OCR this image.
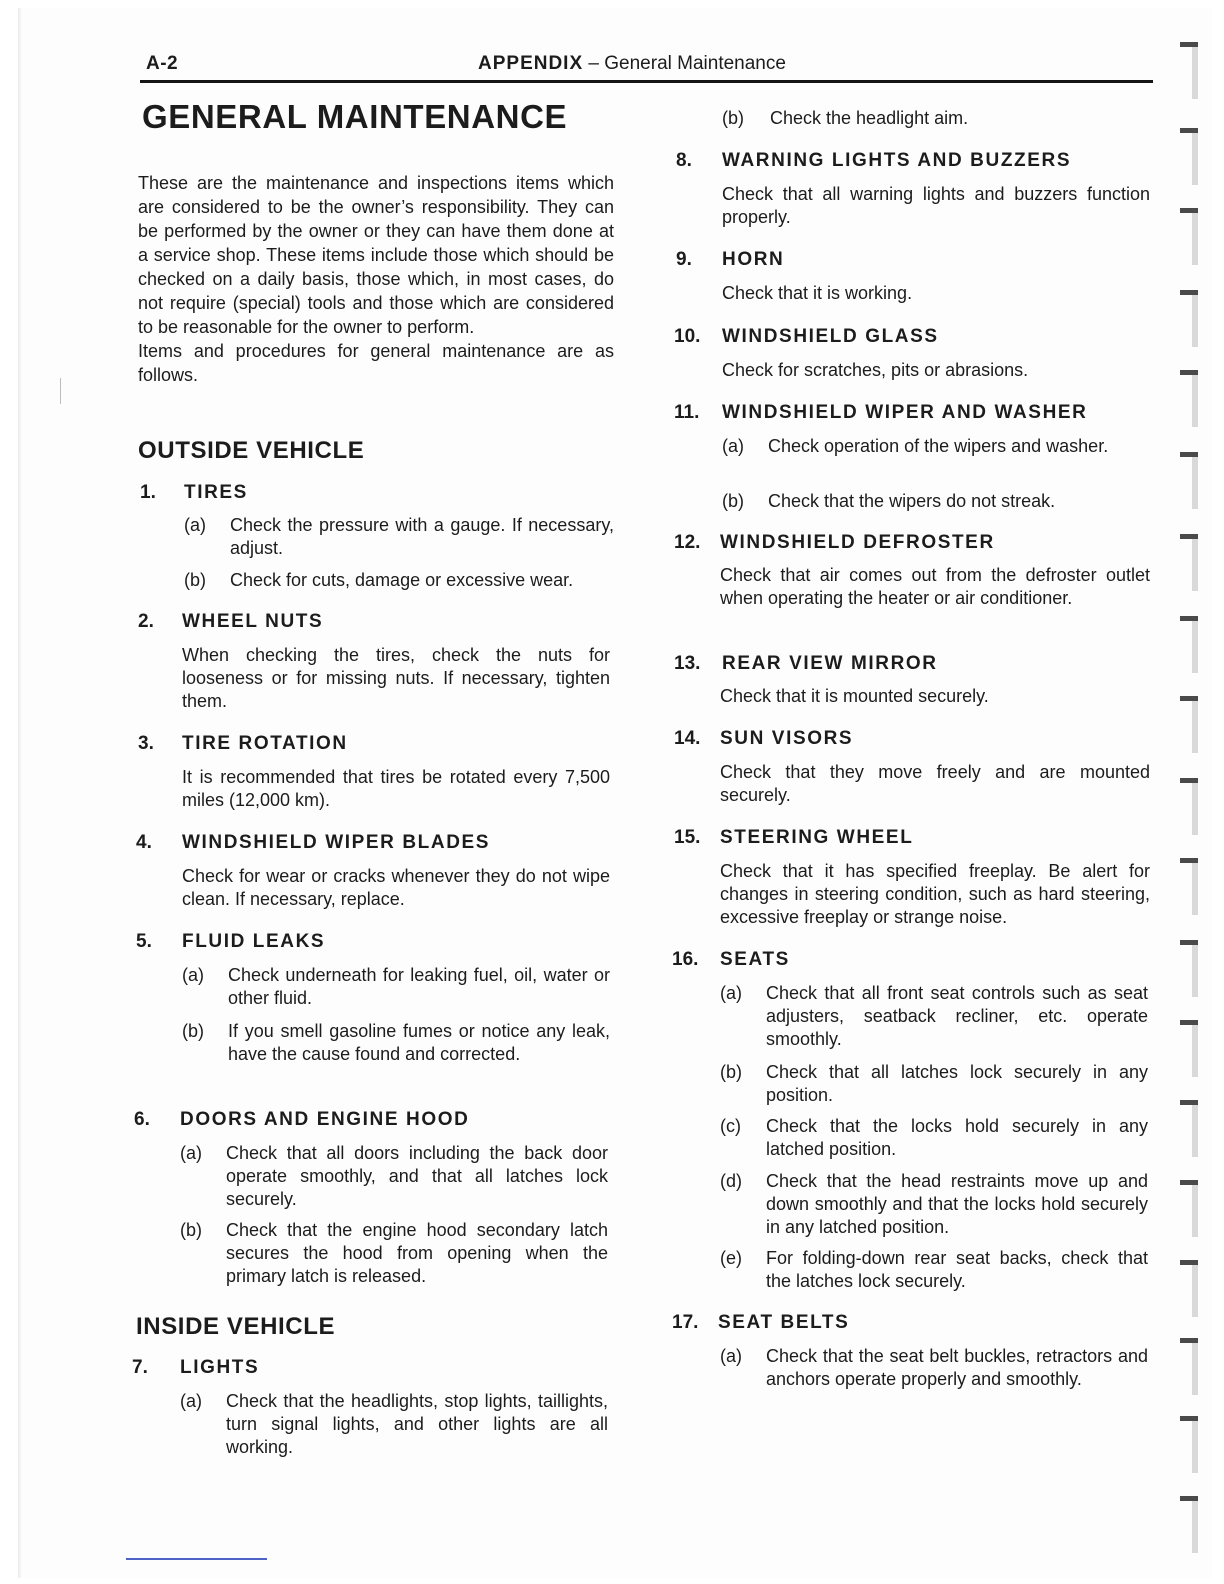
A-2	APPENDIX – General Maintenance
GENERAL MAINTENANCE

These are the maintenance and inspections items which are considered to be the owner’s responsibility. They can be performed by the owner or they can have them done at a service shop. These items include those which should be checked on a daily basis, those which, in most cases, do not require (special) tools and those which are considered to be reasonable for the owner to perform.

Items and procedures for general maintenance are as follows.

OUTSIDE VEHICLE
1. TIRES
(a) Check the pressure with a gauge. If necessary, adjust.
(b) Check for cuts, damage or excessive wear.
2. WHEEL NUTS
When checking the tires, check the nuts for looseness or for missing nuts. If necessary, tighten them.
3. TIRE ROTATION
It is recommended that tires be rotated every 7,500 miles (12,000 km).
4. WINDSHIELD WIPER BLADES
Check for wear or cracks whenever they do not wipe clean. If necessary, replace.
5. FLUID LEAKS
(a) Check underneath for leaking fuel, oil, water or other fluid.
(b) If you smell gasoline fumes or notice any leak, have the cause found and corrected.
6. DOORS AND ENGINE HOOD
(a) Check that all doors including the back door operate smoothly, and that all latches lock securely.
(b) Check that the engine hood secondary latch secures the hood from opening when the primary latch is released.
INSIDE VEHICLE
7. LIGHTS
(a) Check that the headlights, stop lights, taillights, turn signal lights, and other lights are all working.
(b) Check the headlight aim.
8. WARNING LIGHTS AND BUZZERS
Check that all warning lights and buzzers function properly.
9. HORN
Check that it is working.
10. WINDSHIELD GLASS
Check for scratches, pits or abrasions.
11. WINDSHIELD WIPER AND WASHER
(a) Check operation of the wipers and washer.
(b) Check that the wipers do not streak.
12. WINDSHIELD DEFROSTER
Check that air comes out from the defroster outlet when operating the heater or air conditioner.
13. REAR VIEW MIRROR
Check that it is mounted securely.
14. SUN VISORS
Check that they move freely and are mounted securely.
15. STEERING WHEEL
Check that it has specified freeplay. Be alert for changes in steering condition, such as hard steering, excessive freeplay or strange noise.
16. SEATS
(a) Check that all front seat controls such as seat adjusters, seatback recliner, etc. operate smoothly.
(b) Check that all latches lock securely in any position.
(c) Check that the locks hold securely in any latched position.
(d) Check that the head restraints move up and down smoothly and that the locks hold securely in any latched position.
(e) For folding-down rear seat backs, check that the latches lock securely.
17. SEAT BELTS
(a) Check that the seat belt buckles, retractors and anchors operate properly and smoothly.
